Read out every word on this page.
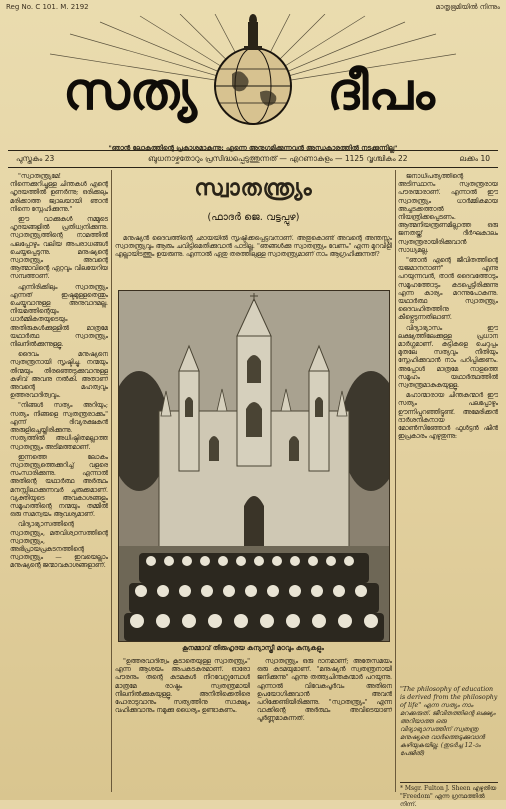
Reg No. C 101. M. 2192	മാതൃഭൂമിയിൽ നിന്നും
സത്യ	ദീപം
"ഞാൻ ലോകത്തിന്റെ പ്രകാശമാകുന്നു; എന്നെ അനുഗമിക്കുന്നവൻ അന്ധകാരത്തിൽ നടക്കുന്നില്ല"
പുസ്തകം 23	ബുധനാഴ്ചതോറും പ്രസിദ്ധപ്പെടുത്തുന്നത് — എറണാകുളം — 1125 വൃശ്ചികം 22	ലക്കം 10

"സ്വാതന്ത്ര്യമേ! നിന്നെക്കുറിച്ചുള്ള ചിന്തകൾ എന്റെ ഹൃദയത്തിൽ ഉണർന്നു; ഒരിക്കലും മരിക്കാത്ത ജ്വാലയായി ഞാൻ നിന്നെ സ്നേഹിക്കുന്നു."

ഈ വാക്കുകൾ നമ്മുടെ ഹൃദയങ്ങളിൽ പ്രതിധ്വനിക്കുന്നു. സ്വാതന്ത്ര്യത്തിന്റെ നാമത്തിൽ പലപ്പോഴും വലിയ അപരാധങ്ങൾ ചെയ്യപ്പെടുന്നു. മനുഷ്യന്റെ സ്വാതന്ത്ര്യം അവന്റെ ആത്മാവിന്റെ ഏറ്റവും വിലയേറിയ സമ്പത്താണ്.

എന്നിരിക്കിലും സ്വാതന്ത്ര്യം എന്നത് ഇഷ്ടമുള്ളതെന്തും ചെയ്യുവാനുള്ള അനുവാദമല്ല. നിയമത്തിന്റെയും ധാർമ്മികതയുടെയും അതിരുകൾക്കുള്ളിൽ മാത്രമേ യഥാർത്ഥ സ്വാതന്ത്ര്യം നിലനിൽക്കുന്നുള്ളൂ.

ദൈവം മനുഷ്യനെ സ്വതന്ത്രനായി സൃഷ്ടിച്ചു. നന്മയും തിന്മയും തിരഞ്ഞെടുക്കുവാനുള്ള കഴിവ് അവനു നൽകി. അതാണ് അവന്റെ മഹത്വവും ഉത്തരവാദിത്വവും.

"നിങ്ങൾ സത്യം അറിയും; സത്യം നിങ്ങളെ സ്വതന്ത്രരാക്കും" എന്ന് ദിവ്യരക്ഷകൻ അരുളിച്ചെയ്തിരിക്കുന്നു. സത്യത്തിൽ അധിഷ്ഠിതമല്ലാത്ത സ്വാതന്ത്ര്യം അടിമത്തമാണ്.

ഇന്നത്തെ ലോകം സ്വാതന്ത്ര്യത്തെക്കുറിച്ച് വളരെ സംസാരിക്കുന്നു. എന്നാൽ അതിന്റെ യഥാർത്ഥ അർത്ഥം മനസ്സിലാക്കുന്നവർ ചുരുക്കമാണ്. വ്യക്തിയുടെ അവകാശങ്ങളും സമൂഹത്തിന്റെ നന്മയും തമ്മിൽ ഒരു സമന്വയം ആവശ്യമാണ്.

വിദ്യാഭ്യാസത്തിന്റെ സ്വാതന്ത്ര്യം, മതവിശ്വാസത്തിന്റെ സ്വാതന്ത്ര്യം, അഭിപ്രായപ്രകടനത്തിന്റെ സ്വാതന്ത്ര്യം — ഇവയെല്ലാം മനുഷ്യന്റെ ജന്മാവകാശങ്ങളാണ്.

സ്വാതന്ത്ര്യം
(ഫാദർ ജെ. വട്ടപ്പുഴ)

മനുഷ്യൻ ദൈവത്തിന്റെ ഛായയിൽ സൃഷ്ടിക്കപ്പെട്ടവനാണ്. അതുകൊണ്ട് അവന്റെ അന്തസ്സും സ്വാതന്ത്ര്യവും ആരും ചവിട്ടിമെതിക്കുവാൻ പാടില്ല. "ഞങ്ങൾക്കു സ്വാതന്ത്ര്യം വേണം" എന്ന മുറവിളി എല്ലായിടത്തും ഉയരുന്നു. എന്നാൽ ഏതു തരത്തിലുള്ള സ്വാതന്ത്ര്യമാണ് നാം ആഗ്രഹിക്കുന്നത്?

കൂനമ്മാവ് തിരുഹൃദയ കന്യാസ്ത്രീ മഠവും കന്യകളും

"ഉത്തരവാദിത്വം കൂടാതെയുള്ള സ്വാതന്ത്ര്യം" എന്ന ആശയം അപകടകരമാണ്. ഓരോ പൗരനും തന്റെ കടമകൾ നിറവേറ്റുമ്പോൾ മാത്രമേ രാഷ്ട്രം സ്വതന്ത്രമായി നിലനിൽക്കുകയുള്ളൂ. അനീതിക്കെതിരെ പോരാടുവാനും സത്യത്തിനു സാക്ഷ്യം വഹിക്കുവാനും നമുക്കു ധൈര്യം ഉണ്ടാകണം.

സ്വാതന്ത്ര്യം ഒരു ദാനമാണ്; അതേസമയം ഒരു കടമയുമാണ്. "മനുഷ്യൻ സ്വതന്ത്രനായി ജനിക്കുന്നു" എന്നു തത്ത്വചിന്തകന്മാർ പറയുന്നു. എന്നാൽ വിവേകപൂർവം അതിനെ ഉപയോഗിക്കുവാൻ അവൻ പഠിക്കേണ്ടിയിരിക്കുന്നു. "സ്വാതന്ത്ര്യം" എന്ന വാക്കിന്റെ അർത്ഥം അവിടെയാണ് പൂർണ്ണമാകുന്നത്.

ജനാധിപത്യത്തിന്റെ അടിസ്ഥാനം സ്വതന്ത്രരായ പൗരന്മാരാണ്. എന്നാൽ ഈ സ്വാതന്ത്ര്യം ധാർമ്മികമായ അച്ചടക്കത്താൽ നിയന്ത്രിക്കപ്പെടണം. ആത്മനിയന്ത്രണമില്ലാത്ത ഒരു ജനതയ്ക്ക് ദീർഘകാലം സ്വതന്ത്രരായിരിക്കുവാൻ സാധ്യമല്ല.

"ഞാൻ എന്റെ ജീവിതത്തിന്റെ യജമാനനാണ്" എന്നു പറയുന്നവൻ, താൻ ദൈവത്തോടും സമൂഹത്തോടും കടപ്പെട്ടിരിക്കുന്നു എന്ന കാര്യം മറന്നുപോകുന്നു. യഥാർത്ഥ സ്വാതന്ത്ര്യം ദൈവഹിതത്തിനു കീഴ്പ്പെടുന്നതിലാണ്.

വിദ്യാഭ്യാസം ഈ ലക്ഷ്യത്തിലേക്കുള്ള പ്രധാന മാർഗ്ഗമാണ്. കുട്ടികളെ ചെറുപ്പം മുതലേ സത്യവും നീതിയും സ്നേഹിക്കുവാൻ നാം പഠിപ്പിക്കണം. അപ്പോൾ മാത്രമേ നാളത്തെ സമൂഹം യഥാർത്ഥത്തിൽ സ്വതന്ത്രമാകുകയുള്ളൂ.

മഹാന്മാരായ ചിന്തകന്മാർ ഈ സത്യം പലപ്പോഴും ഊന്നിപ്പറഞ്ഞിട്ടുണ്ട്. അമേരിക്കൻ ദാർശനികനായ മോൺസിഞ്ഞോർ ഫുൾട്ടൻ ഷീൻ ഇപ്രകാരം എഴുതുന്നു:

"The philosophy of education is derived from the philosophy of life" എന്ന സത്യം നാം മറക്കരുത്. ജീവിതത്തിന്റെ ലക്ഷ്യം അറിയാത്ത ഒരു വിദ്യാഭ്യാസത്തിന് സ്വതന്ത്ര മനുഷ്യരെ വാർത്തെടുക്കുവാൻ കഴിയുകയില്ല. (തുടർച്ച 12-ാം പേജിൽ)
* Msgr. Fulton J. Sheen എഴുതിയ "Freedom" എന്ന ഗ്രന്ഥത്തിൽ നിന്ന്.
